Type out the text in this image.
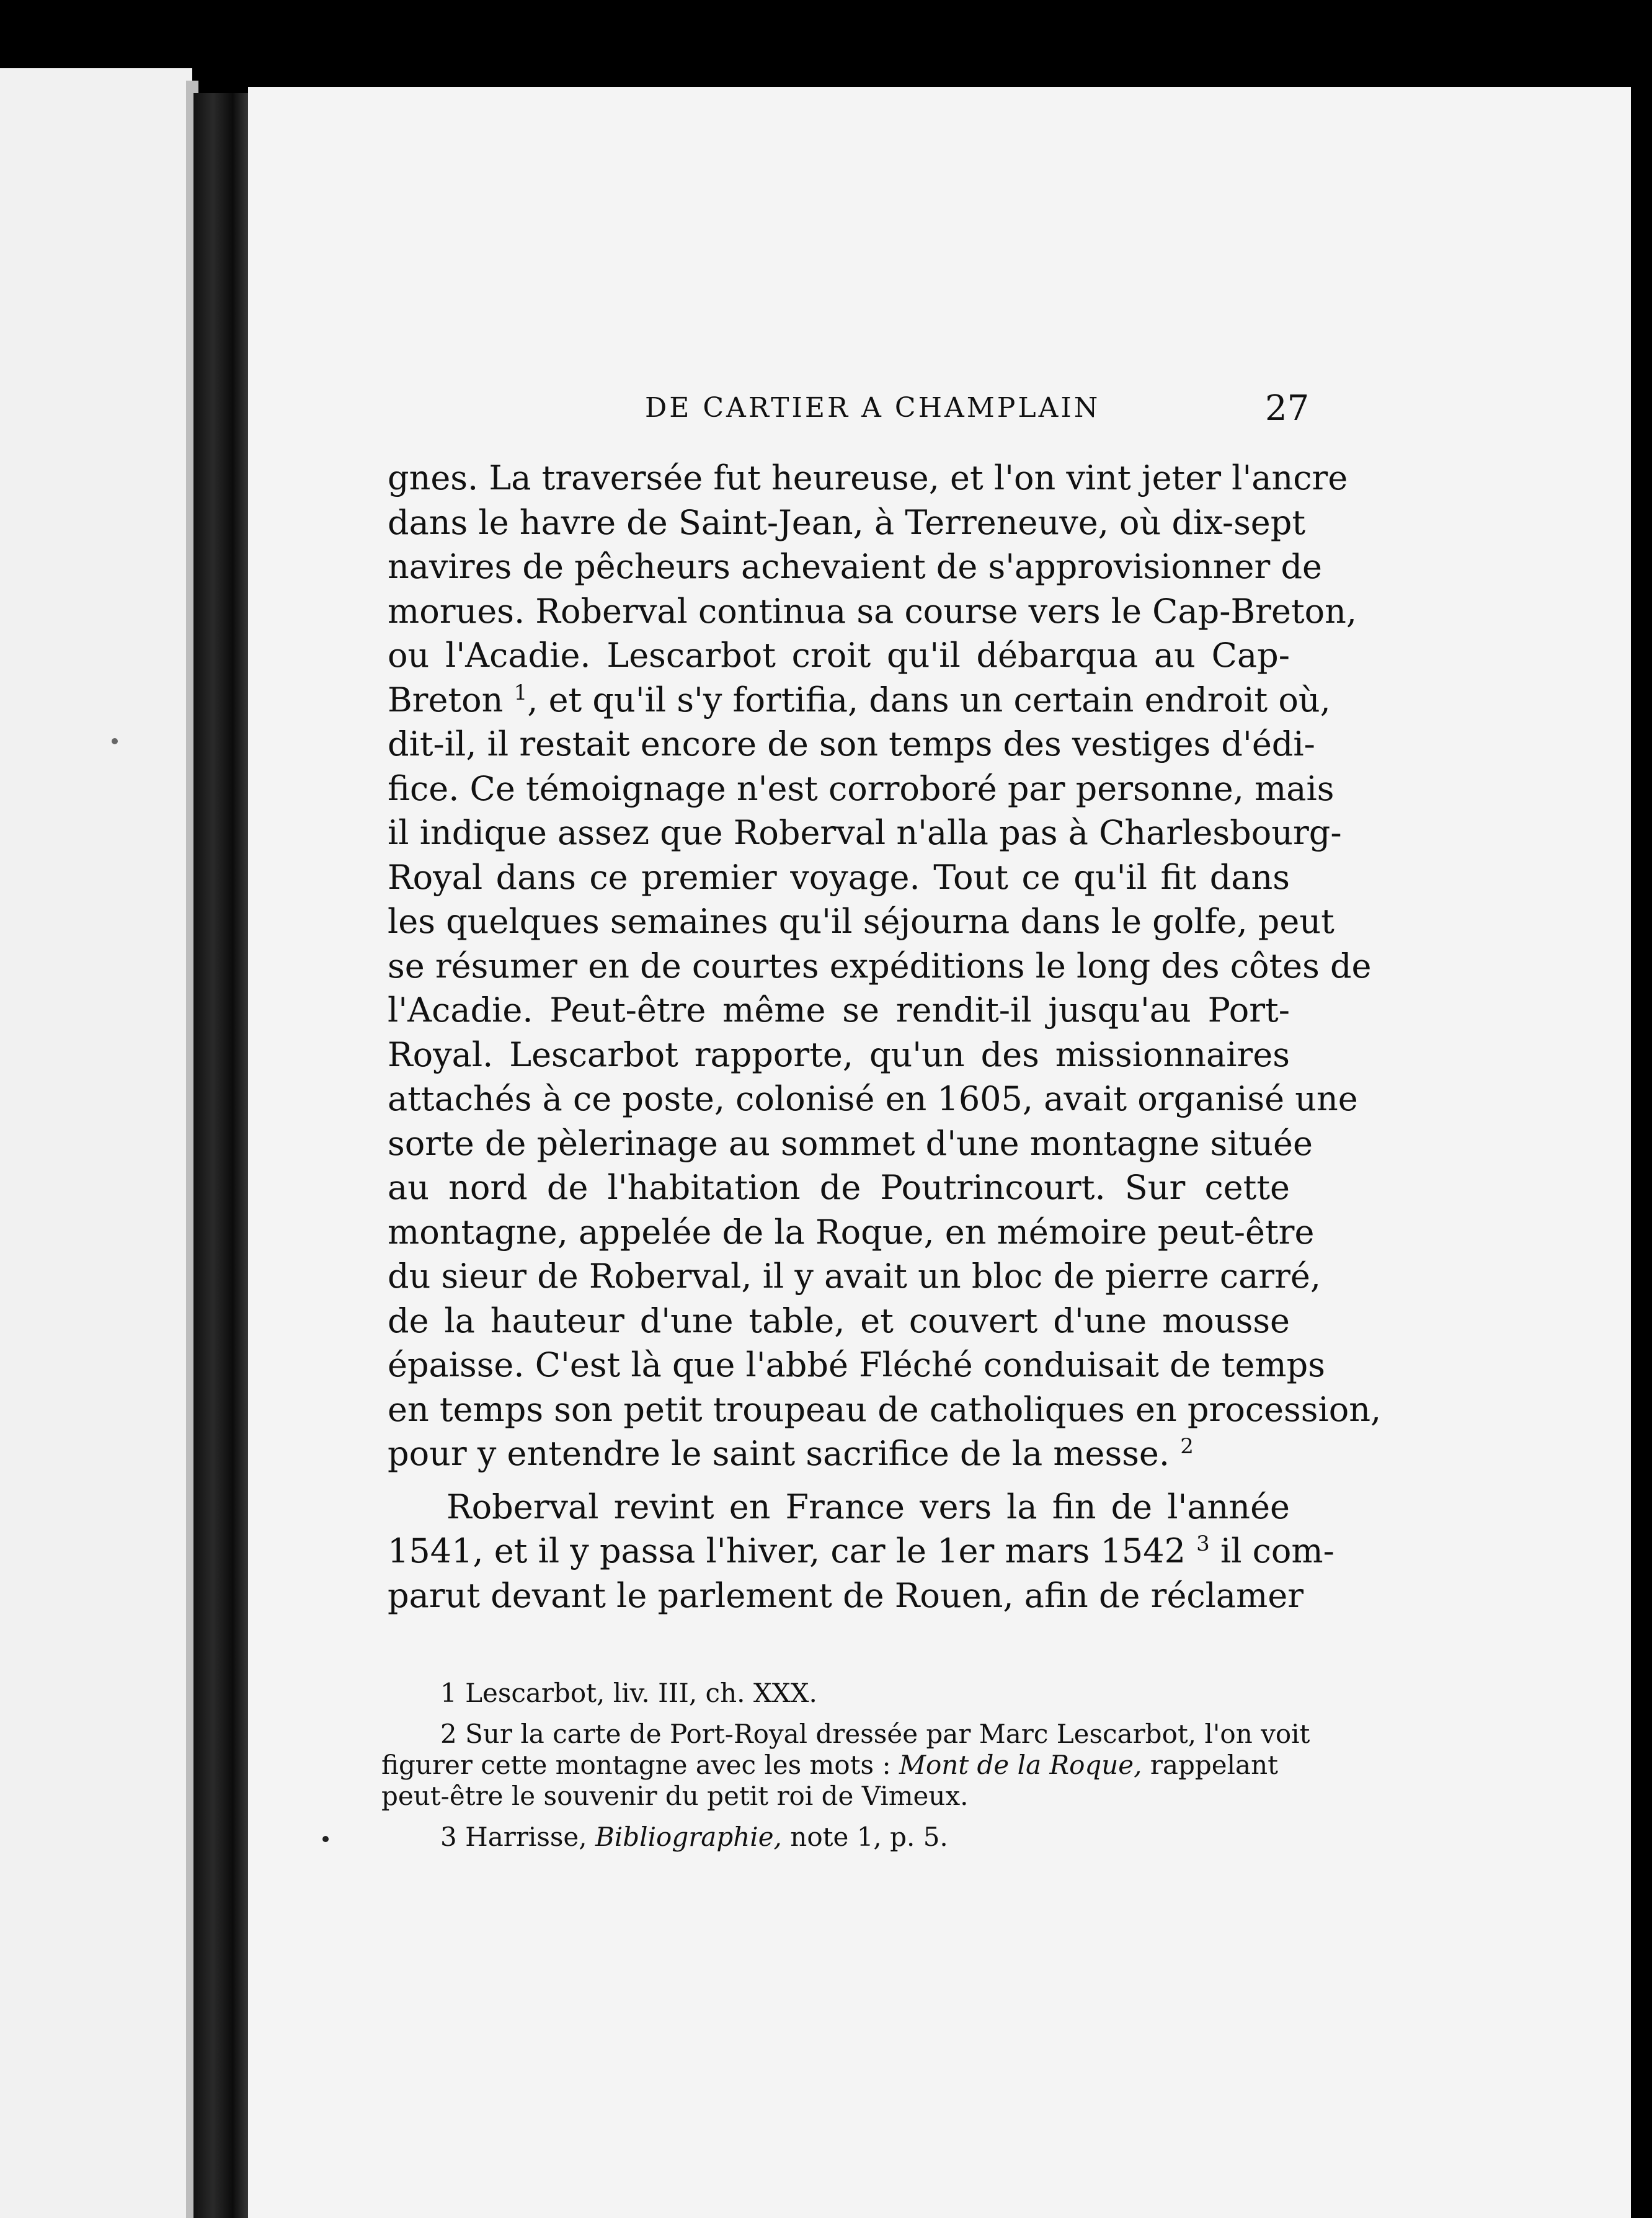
DE CARTIER A CHAMPLAIN	27
gnes. La traversée fut heureuse, et l'on vint jeter l'ancre
dans le havre de Saint-Jean, à Terreneuve, où dix-sept
navires de pêcheurs achevaient de s'approvisionner de
morues. Roberval continua sa course vers le Cap-Breton,
ou l'Acadie. Lescarbot croit qu'il débarqua au Cap-
Breton $^1$, et qu'il s'y fortifia, dans un certain endroit où,
dit-il, il restait encore de son temps des vestiges d'édi-
fice. Ce témoignage n'est corroboré par personne, mais
il indique assez que Roberval n'alla pas à Charlesbourg-
Royal dans ce premier voyage. Tout ce qu'il fit dans
les quelques semaines qu'il séjourna dans le golfe, peut
se résumer en de courtes expéditions le long des côtes de
l'Acadie. Peut-être même se rendit-il jusqu'au Port-
Royal. Lescarbot rapporte, qu'un des missionnaires
attachés à ce poste, colonisé en 1605, avait organisé une
sorte de pèlerinage au sommet d'une montagne située
au nord de l'habitation de Poutrincourt. Sur cette
montagne, appelée de la Roque, en mémoire peut-être
du sieur de Roberval, il y avait un bloc de pierre carré,
de la hauteur d'une table, et couvert d'une mousse
épaisse. C'est là que l'abbé Fléché conduisait de temps
en temps son petit troupeau de catholiques en procession,
pour y entendre le saint sacrifice de la messe. $^2$
Roberval revint en France vers la fin de l'année
1541, et il y passa l'hiver, car le 1er mars 1542 $^3$ il com-
parut devant le parlement de Rouen, afin de réclamer
1 Lescarbot, liv. III, ch. XXX.
2 Sur la carte de Port-Royal dressée par Marc Lescarbot, l'on voit
figurer cette montagne avec les mots : Mont de la Roque, rappelant
peut-être le souvenir du petit roi de Vimeux.
3 Harrisse, Bibliographie, note 1, p. 5.
